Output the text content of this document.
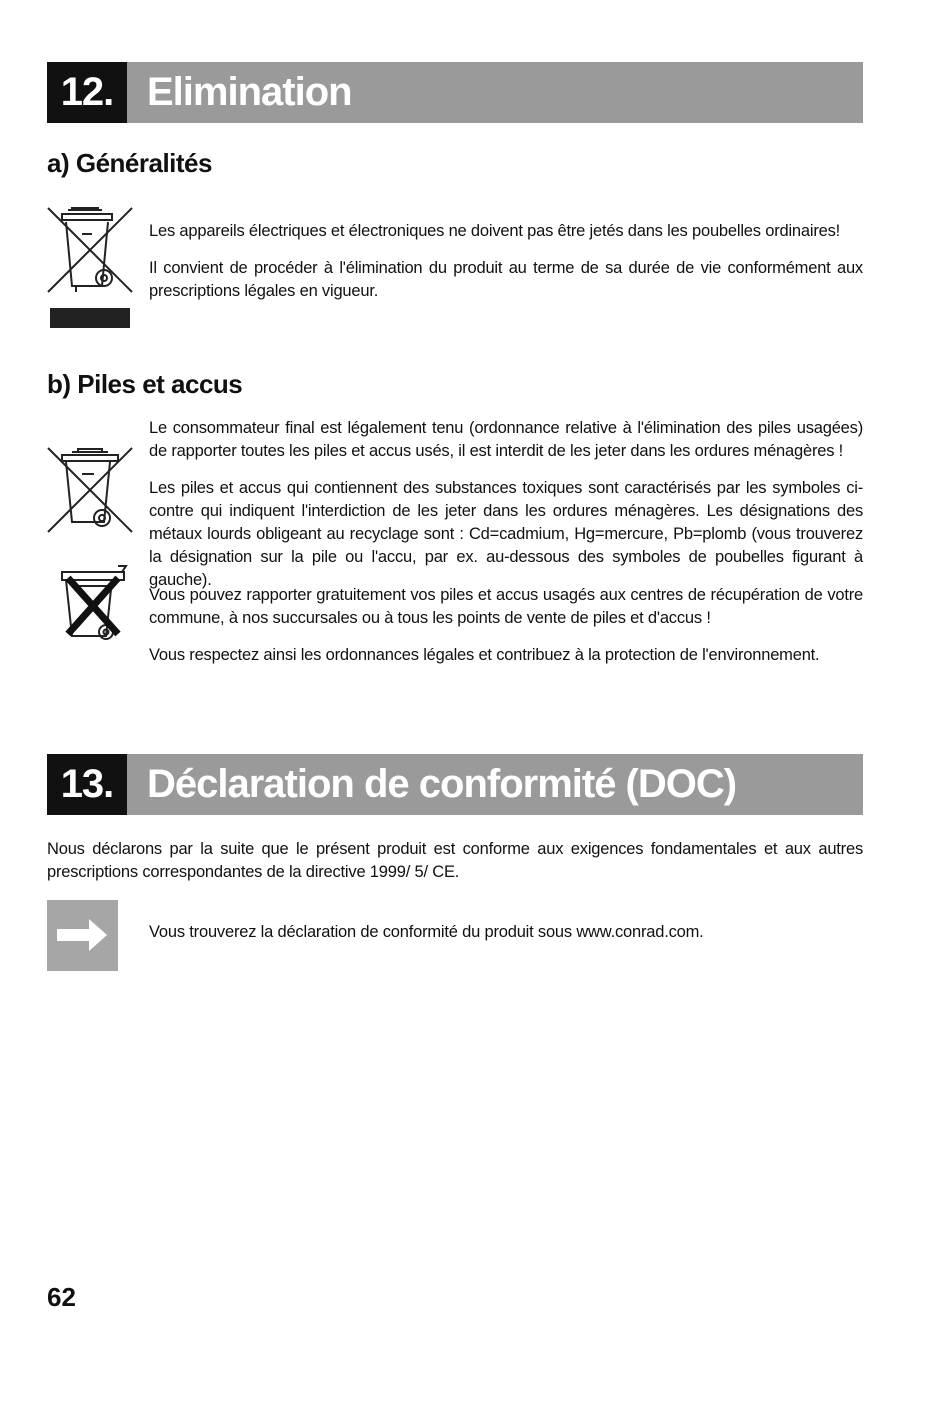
12. Elimination
a) Généralités

Les appareils électriques et électroniques ne doivent pas être jetés dans les poubelles ordinaires!

Il convient de procéder à l'élimination du produit au terme de sa durée de vie conformément aux prescriptions légales en vigueur.

b) Piles et accus

Le consommateur final est légalement tenu (ordonnance relative à l'élimination des piles usagées) de rapporter toutes les piles et accus usés, il est interdit de les jeter dans les ordures ménagères !

Les piles et accus qui contiennent des substances toxiques sont caractérisés par les symboles ci-contre qui indiquent l'interdiction de les jeter dans les ordures ménagères. Les désignations des métaux lourds obligeant au recyclage sont : Cd=cadmium, Hg=mercure, Pb=plomb (vous trouverez la désignation sur la pile ou l'accu, par ex. au-dessous des symboles de poubelles figurant à gauche).

Vous pouvez rapporter gratuitement vos piles et accus usagés aux centres de récupération de votre commune, à nos succursales ou à tous les points de vente de piles et d'accus !

Vous respectez ainsi les ordonnances légales et contribuez à la protection de l'environnement.

13. Déclaration de conformité (DOC)

Nous déclarons par la suite que le présent produit est conforme aux exigences fondamentales et aux autres prescriptions correspondantes de la directive 1999/ 5/ CE.

Vous trouverez la déclaration de conformité du produit sous www.conrad.com.

62
